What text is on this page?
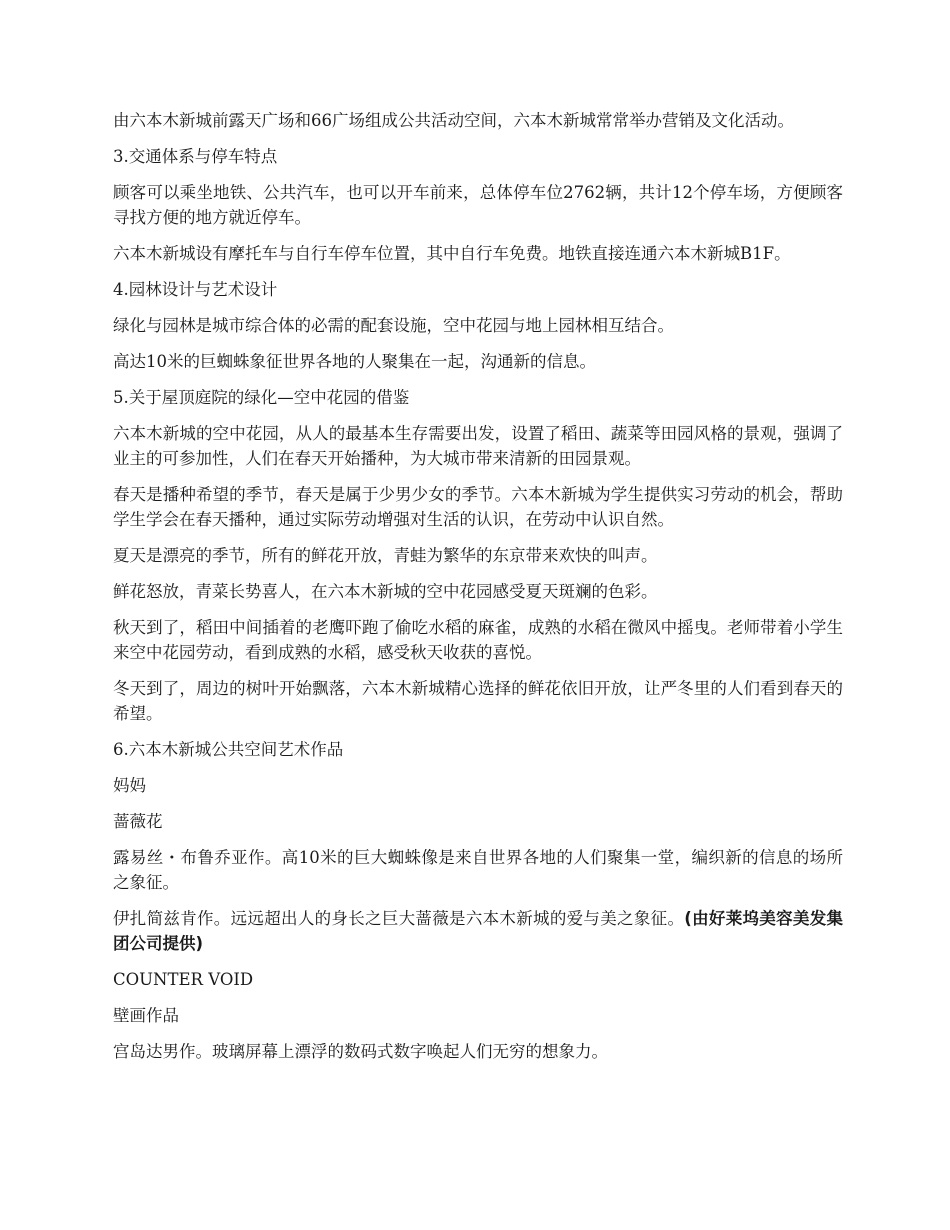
由六本木新城前露天广场和66广场组成公共活动空间，六本木新城常常举办营销及文化活动。

3.交通体系与停车特点

顾客可以乘坐地铁、公共汽车，也可以开车前来，总体停车位2762辆，共计12个停车场，方便顾客寻找方便的地方就近停车。

六本木新城设有摩托车与自行车停车位置，其中自行车免费。地铁直接连通六本木新城B1F。

4.园林设计与艺术设计

绿化与园林是城市综合体的必需的配套设施，空中花园与地上园林相互结合。

高达10米的巨蜘蛛象征世界各地的人聚集在一起，沟通新的信息。

5.关于屋顶庭院的绿化—空中花园的借鉴

六本木新城的空中花园，从人的最基本生存需要出发，设置了稻田、蔬菜等田园风格的景观，强调了业主的可参加性，人们在春天开始播种，为大城市带来清新的田园景观。

春天是播种希望的季节，春天是属于少男少女的季节。六本木新城为学生提供实习劳动的机会，帮助学生学会在春天播种，通过实际劳动增强对生活的认识，在劳动中认识自然。

夏天是漂亮的季节，所有的鲜花开放，青蛙为繁华的东京带来欢快的叫声。

鲜花怒放，青菜长势喜人，在六本木新城的空中花园感受夏天斑斓的色彩。

秋天到了，稻田中间插着的老鹰吓跑了偷吃水稻的麻雀，成熟的水稻在微风中摇曳。老师带着小学生来空中花园劳动，看到成熟的水稻，感受秋天收获的喜悦。

冬天到了，周边的树叶开始飘落，六本木新城精心选择的鲜花依旧开放，让严冬里的人们看到春天的希望。

6.六本木新城公共空间艺术作品

妈妈

蔷薇花

露易丝・布鲁乔亚作。高10米的巨大蜘蛛像是来自世界各地的人们聚集一堂，编织新的信息的场所之象征。

伊扎简兹肯作。远远超出人的身长之巨大蔷薇是六本木新城的爱与美之象征。(由好莱坞美容美发集团公司提供)

COUNTER VOID

壁画作品

宫岛达男作。玻璃屏幕上漂浮的数码式数字唤起人们无穷的想象力。
